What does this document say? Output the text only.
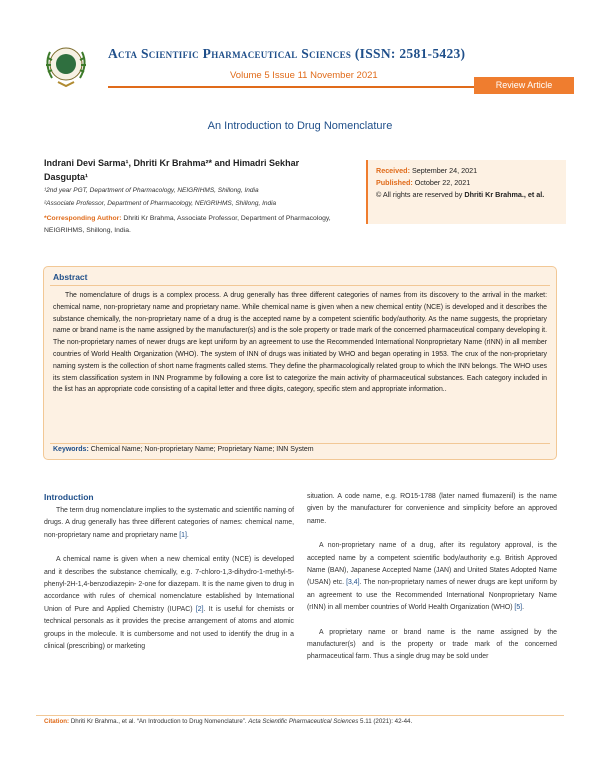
Acta Scientific Pharmaceutical Sciences (ISSN: 2581-5423)
Volume 5 Issue 11 November 2021
Review Article
An Introduction to Drug Nomenclature
Indrani Devi Sarma¹, Dhriti Kr Brahma²* and Himadri Sekhar
Dasgupta¹
¹2nd year PGT, Department of Pharmacology, NEIGRIHMS, Shillong, India
²Associate Professor, Department of Pharmacology, NEIGRIHMS, Shillong, India
*Corresponding Author: Dhriti Kr Brahma, Associate Professor, Department of Pharmacology, NEIGRIHMS, Shillong, India.
Received: September 24, 2021
Published: October 22, 2021
© All rights are reserved by Dhriti Kr Brahma., et al.
Abstract
The nomenclature of drugs is a complex process. A drug generally has three different categories of names from its discovery to the arrival in the market: chemical name, non-proprietary name and proprietary name. While chemical name is given when a new chemical entity (NCE) is developed and it describes the substance chemically, the non-proprietary name of a drug is the accepted name by a competent scientific body/authority. As the name suggests, the proprietary name or brand name is the name assigned by the manufacturer(s) and is the sole property or trade mark of the concerned pharmaceutical company developing it. The non-proprietary names of newer drugs are kept uniform by an agreement to use the Recommended International Nonproprietary Name (rINN) in all member countries of World Health Organization (WHO). The system of INN of drugs was initiated by WHO and began operating in 1953. The crux of the non-proprietary naming system is the collection of short name fragments called stems. They define the pharmacologically related group to which the INN belongs. The WHO uses its stem classification system in INN Programme by following a core list to categorize the main activity of pharmaceutical substances. Each category included in the list has an appropriate code consisting of a capital letter and three digits, category, specific stem and appropriate information..
Keywords: Chemical Name; Non-proprietary Name; Proprietary Name; INN System
Introduction

The term drug nomenclature implies to the systematic and scientific naming of drugs. A drug generally has three different categories of names: chemical name, non-proprietary name and proprietary name [1].

A chemical name is given when a new chemical entity (NCE) is developed and it describes the substance chemically, e.g. 7-chloro-1,3-dihydro-1-methyl-5-phenyl-2H-1,4-benzodiazepin- 2-one for diazepam. It is the name given to drug in accordance with rules of chemical nomenclature established by International Union of Pure and Applied Chemistry (IUPAC) [2]. It is useful for chemists or technical personals as it provides the precise arrangement of atoms and atomic groups in the molecule. It is cumbersome and not used to identify the drug in a clinical (prescribing) or marketing

situation. A code name, e.g. RO15-1788 (later named flumazenil) is the name given by the manufacturer for convenience and simplicity before an approved name.

A non-proprietary name of a drug, after its regulatory approval, is the accepted name by a competent scientific body/authority e.g. British Approved Name (BAN), Japanese Accepted Name (JAN) and United States Adopted Name (USAN) etc. [3,4]. The non-proprietary names of newer drugs are kept uniform by an agreement to use the Recommended International Nonproprietary Name (rINN) in all member countries of World Health Organization (WHO) [5].

A proprietary name or brand name is the name assigned by the manufacturer(s) and is the property or trade mark of the concerned pharmaceutical farm. Thus a single drug may be sold under

Citation: Dhriti Kr Brahma., et al. “An Introduction to Drug Nomenclature”. Acta Scientific Pharmaceutical Sciences 5.11 (2021): 42-44.
